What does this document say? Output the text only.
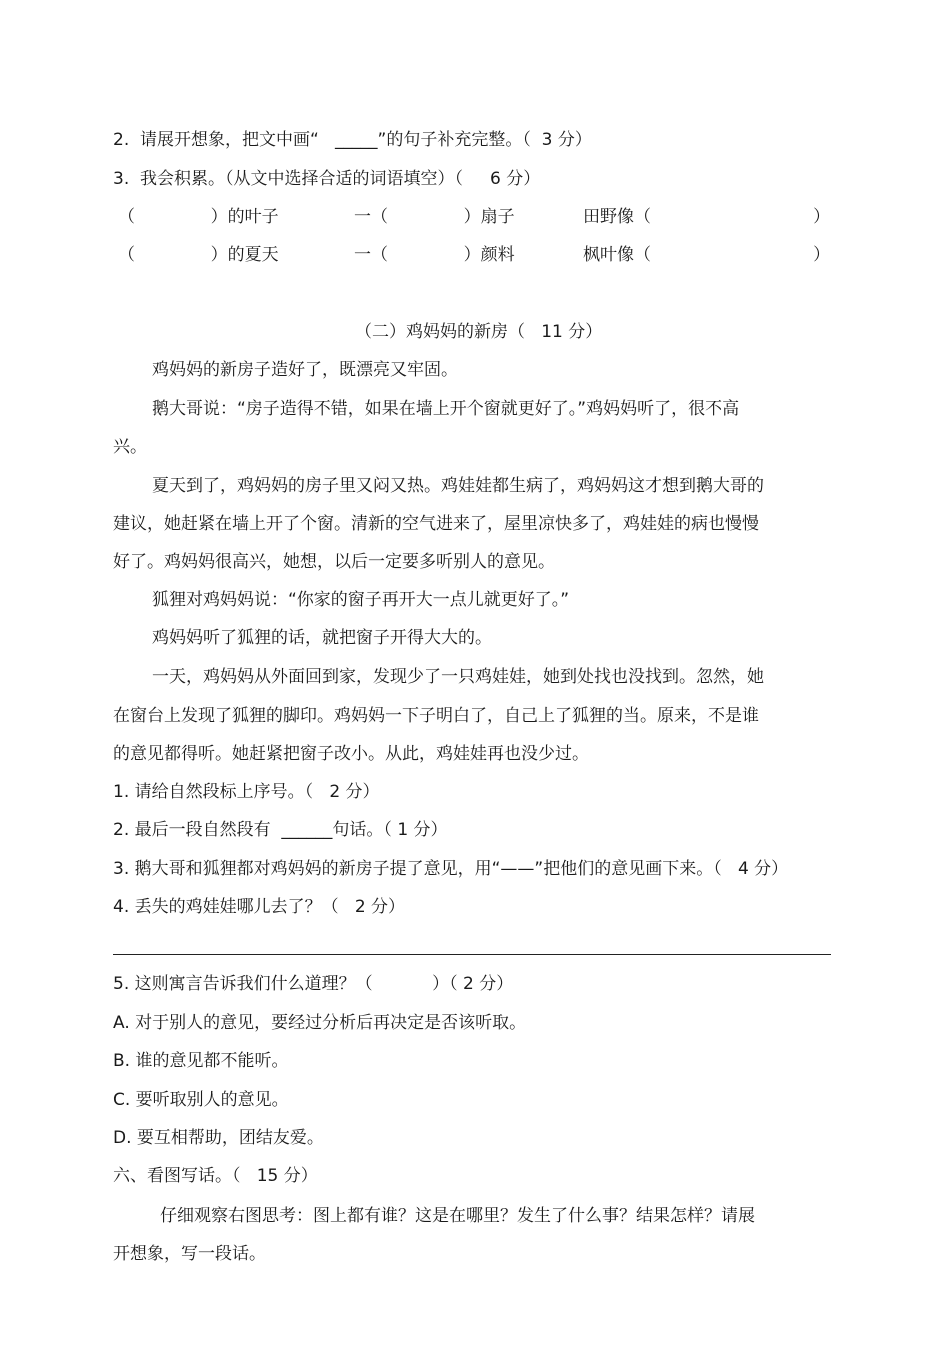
2.  请展开想象，把文中画“   _____”的句子补充完整。（  3 分）
3.  我会积累。（从文中选择合适的词语填空）（     6 分）
（              ）的叶子	一（              ）扇子	田野像（                              ）
（              ）的夏天	一（              ）颜料	枫叶像（                              ）
（二）鸡妈妈的新房（   11 分）
鸡妈妈的新房子造好了，既漂亮又牢固。
鹅大哥说：“房子造得不错，如果在墙上开个窗就更好了。”鸡妈妈听了，很不高
兴。
夏天到了，鸡妈妈的房子里又闷又热。鸡娃娃都生病了，鸡妈妈这才想到鹅大哥的
建议，她赶紧在墙上开了个窗。清新的空气进来了，屋里凉快多了，鸡娃娃的病也慢慢
好了。鸡妈妈很高兴，她想，以后一定要多听别人的意见。
狐狸对鸡妈妈说：“你家的窗子再开大一点儿就更好了。”
鸡妈妈听了狐狸的话，就把窗子开得大大的。
一天，鸡妈妈从外面回到家，发现少了一只鸡娃娃，她到处找也没找到。忽然，她
在窗台上发现了狐狸的脚印。鸡妈妈一下子明白了，自己上了狐狸的当。原来，不是谁
的意见都得听。她赶紧把窗子改小。从此，鸡娃娃再也没少过。
1. 请给自然段标上序号。（   2 分）
2. 最后一段自然段有  ______句话。（ 1 分）
3. 鹅大哥和狐狸都对鸡妈妈的新房子提了意见，用“——”把他们的意见画下来。（   4 分）
4. 丢失的鸡娃娃哪儿去了？（   2 分）
5. 这则寓言告诉我们什么道理？（           ）（ 2 分）
A. 对于别人的意见，要经过分析后再决定是否该听取。
B. 谁的意见都不能听。
C. 要听取别人的意见。
D. 要互相帮助，团结友爱。
六、看图写话。（   15 分）
仔细观察右图思考：图上都有谁？这是在哪里？发生了什么事？结果怎样？请展
开想象，写一段话。
